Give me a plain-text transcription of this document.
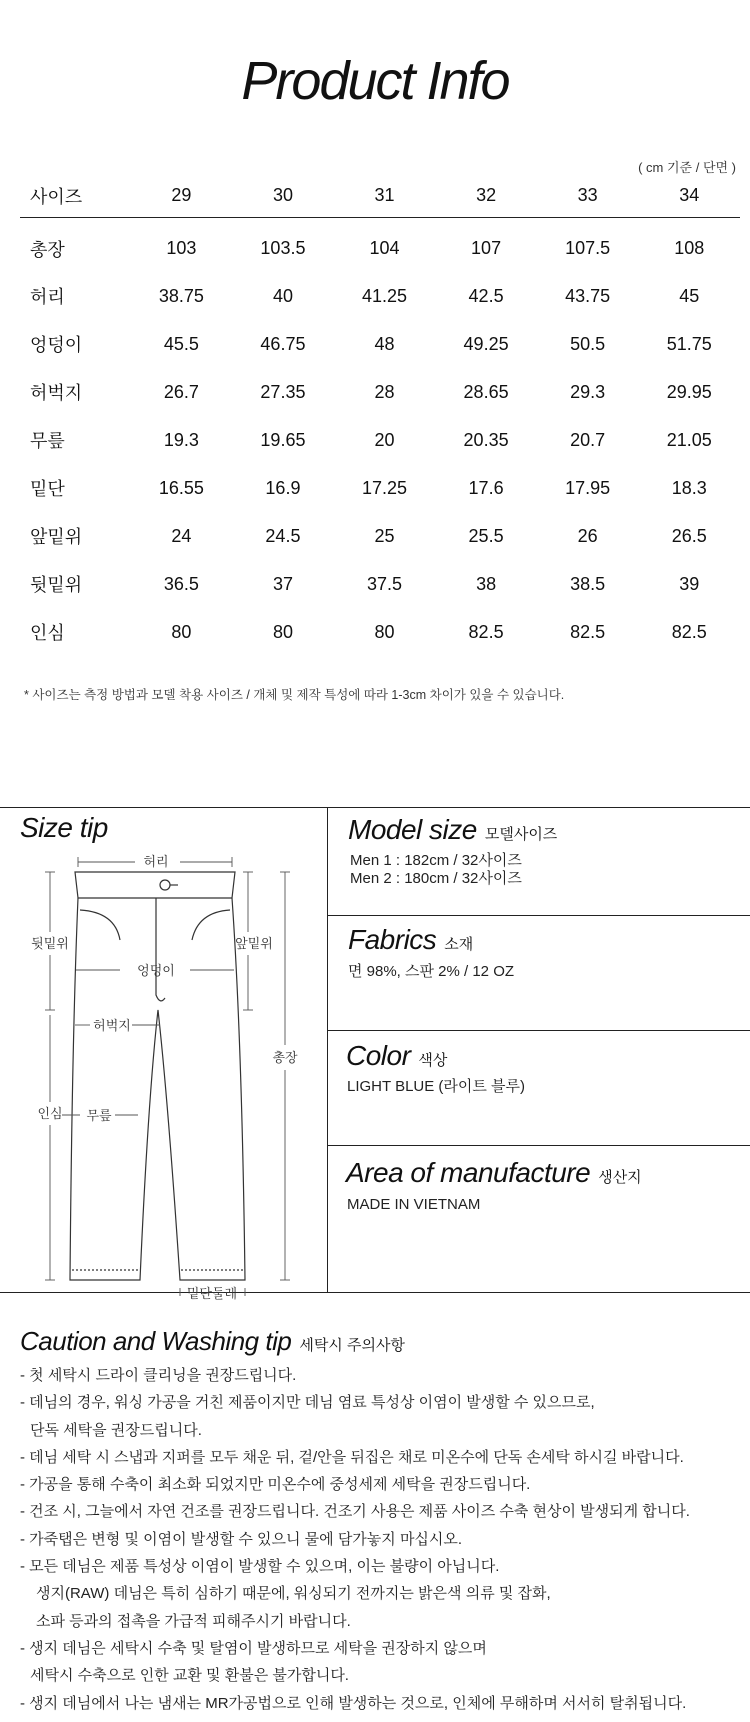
Product Info
( cm 기준 / 단면 )
사이즈	29	30	31	32	33	34
총장	103	103.5	104	107	107.5	108
허리	38.75	40	41.25	42.5	43.75	45
엉덩이	45.5	46.75	48	49.25	50.5	51.75
허벅지	26.7	27.35	28	28.65	29.3	29.95
무릎	19.3	19.65	20	20.35	20.7	21.05
밑단	16.55	16.9	17.25	17.6	17.95	18.3
앞밑위	24	24.5	25	25.5	26	26.5
뒷밑위	36.5	37	37.5	38	38.5	39
인심	80	80	80	82.5	82.5	82.5
* 사이즈는 측정 방법과 모델 착용 사이즈 / 개체 및 제작 특성에 따라 1-3cm 차이가 있을 수 있습니다.
Size tip
허리
뒷밑위	앞밑위
엉덩이
허벅지
총장
인심 무릎
밑단둘레
Model size 모델사이즈
Men 1 : 182cm / 32사이즈
Men 2 : 180cm / 32사이즈
Fabrics 소재
면 98%, 스판 2% / 12 OZ
Color 색상
LIGHT BLUE (라이트 블루)
Area of manufacture 생산지
MADE IN VIETNAM
Caution and Washing tip 세탁시 주의사항
- 첫 세탁시 드라이 클리닝을 권장드립니다.
- 데님의 경우, 워싱 가공을 거친 제품이지만 데님 염료 특성상 이염이 발생할 수 있으므로,
단독 세탁을 권장드립니다.
- 데님 세탁 시 스냅과 지퍼를 모두 채운 뒤, 겉/안을 뒤집은 채로 미온수에 단독 손세탁 하시길 바랍니다.
- 가공을 통해 수축이 최소화 되었지만 미온수에 중성세제 세탁을 권장드립니다.
- 건조 시, 그늘에서 자연 건조를 권장드립니다. 건조기 사용은 제품 사이즈 수축 현상이 발생되게 합니다.
- 가죽탭은 변형 및 이염이 발생할 수 있으니 물에 담가놓지 마십시오.
- 모든 데님은 제품 특성상 이염이 발생할 수 있으며, 이는 불량이 아닙니다.
생지(RAW) 데님은 특히 심하기 때문에, 워싱되기 전까지는 밝은색 의류 및 잡화,
소파 등과의 접촉을 가급적 피해주시기 바랍니다.
- 생지 데님은 세탁시 수축 및 탈염이 발생하므로 세탁을 권장하지 않으며
세탁시 수축으로 인한 교환 및 환불은 불가합니다.
- 생지 데님에서 나는 냄새는 MR가공법으로 인해 발생하는 것으로, 인체에 무해하며 서서히 탈취됩니다.
